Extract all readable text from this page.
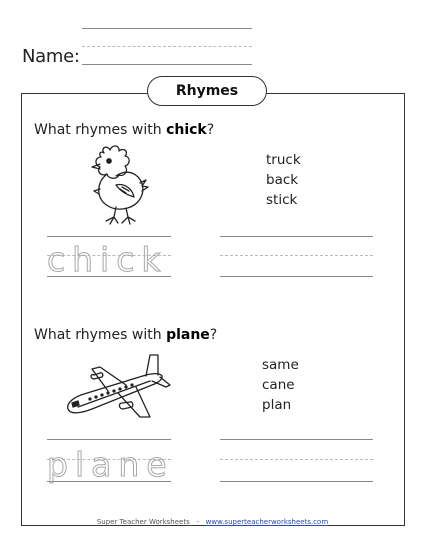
Name:
Rhymes
What rhymes with chick?
truck
back
stick
chick
What rhymes with plane?
same
cane
plan
plane
Super Teacher Worksheets - www.superteacherworksheets.com
